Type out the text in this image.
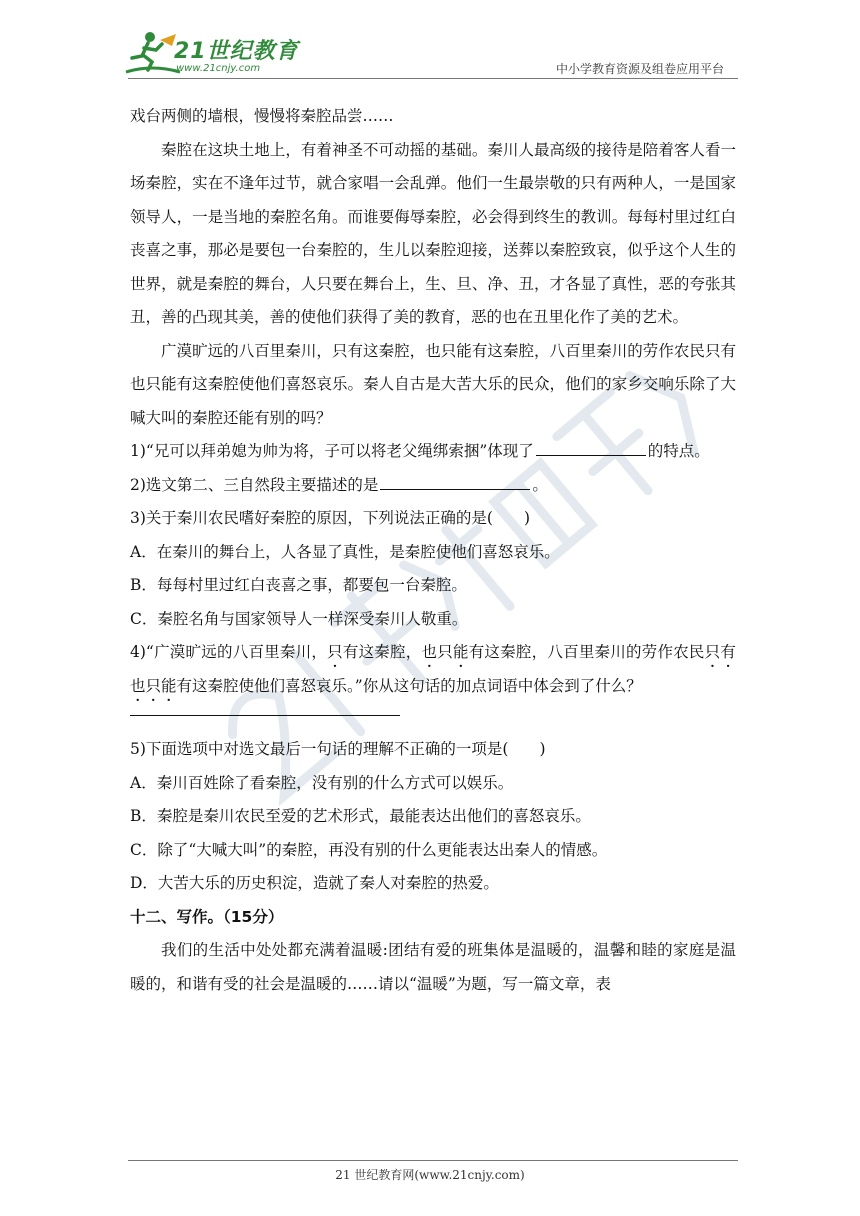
21世纪教育
www.21cnjy.com	中小学教育资源及组卷应用平台

戏台两侧的墙根，慢慢将秦腔品尝……

秦腔在这块土地上，有着神圣不可动摇的基础。秦川人最高级的接待是陪着客人看一场秦腔，实在不逢年过节，就合家唱一会乱弹。他们一生最崇敬的只有两种人，一是国家领导人，一是当地的秦腔名角。而谁要侮辱秦腔，必会得到终生的教训。每每村里过红白丧喜之事，那必是要包一台秦腔的，生儿以秦腔迎接，送葬以秦腔致哀，似乎这个人生的世界，就是秦腔的舞台，人只要在舞台上，生、旦、净、丑，才各显了真性，恶的夸张其丑，善的凸现其美，善的使他们获得了美的教育，恶的也在丑里化作了美的艺术。

广漠旷远的八百里秦川，只有这秦腔，也只能有这秦腔，八百里秦川的劳作农民只有也只能有这秦腔使他们喜怒哀乐。秦人自古是大苦大乐的民众，他们的家乡交响乐除了大喊大叫的秦腔还能有别的吗？

1)“兄可以拜弟媳为帅为将，子可以将老父绳绑索捆”体现了	的特点。

2)选文第二、三自然段主要描述的是	。

3)关于秦川农民嗜好秦腔的原因，下列说法正确的是(　　)

A．在秦川的舞台上，人各显了真性，是秦腔使他们喜怒哀乐。

B．每每村里过红白丧喜之事，都要包一台秦腔。

C．秦腔名角与国家领导人一样深受秦川人敬重。

4)“广漠旷远的八百里秦川，只有这秦腔，也只能有这秦腔，八百里秦川的劳作农民只有也只能有这秦腔使他们喜怒哀乐。”你从这句话的加点词语中体会到了什么？

5)下面选项中对选文最后一句话的理解不正确的一项是(　　)

A．秦川百姓除了看秦腔，没有别的什么方式可以娱乐。

B．秦腔是秦川农民至爱的艺术形式，最能表达出他们的喜怒哀乐。

C．除了“大喊大叫”的秦腔，再没有别的什么更能表达出秦人的情感。

D．大苦大乐的历史积淀，造就了秦人对秦腔的热爱。

十二、写作。（15分）

我们的生活中处处都充满着温暖:团结有爱的班集体是温暖的，温馨和睦的家庭是温暖的，和谐有受的社会是温暖的……请以“温暖”为题，写一篇文章，表

21 世纪教育网(www.21cnjy.com)
